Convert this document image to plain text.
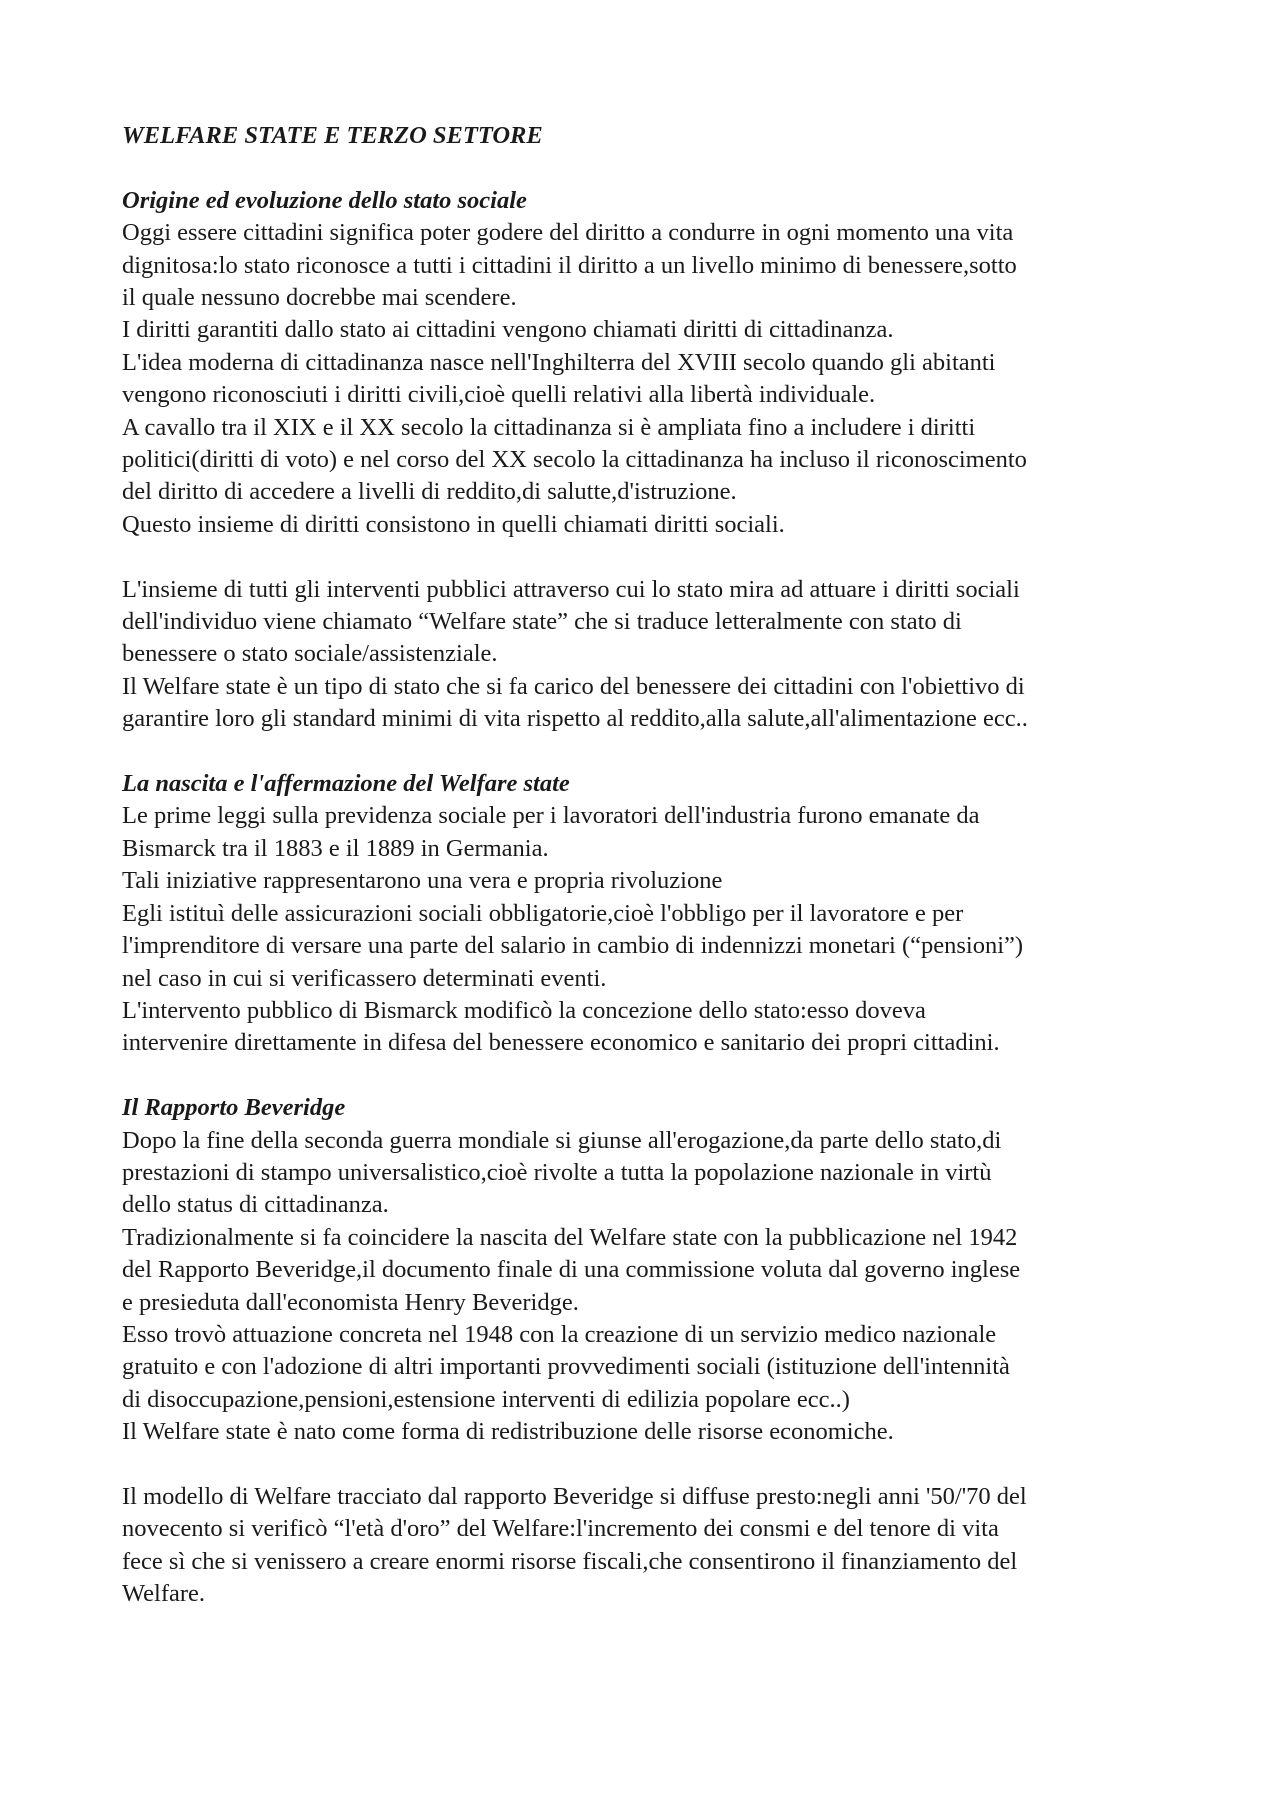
WELFARE STATE E TERZO SETTORE
Origine ed evoluzione dello stato sociale

Oggi essere cittadini significa poter godere del diritto a condurre in ogni momento una vita
dignitosa:lo stato riconosce a tutti i cittadini il diritto a un livello minimo di benessere,sotto
il quale nessuno docrebbe mai scendere.

I diritti garantiti dallo stato ai cittadini vengono chiamati diritti di cittadinanza.

L'idea moderna di cittadinanza nasce nell'Inghilterra del XVIII secolo quando gli abitanti
vengono riconosciuti i diritti civili,cioè quelli relativi alla libertà individuale.

A cavallo tra il XIX e il XX secolo la cittadinanza si è ampliata fino a includere i diritti
politici(diritti di voto) e nel corso del XX secolo la cittadinanza ha incluso il riconoscimento
del diritto di accedere a livelli di reddito,di salutte,d'istruzione.

Questo insieme di diritti consistono in quelli chiamati diritti sociali.

L'insieme di tutti gli interventi pubblici attraverso cui lo stato mira ad attuare i diritti sociali
dell'individuo viene chiamato “Welfare state” che si traduce letteralmente con stato di
benessere o stato sociale/assistenziale.

Il Welfare state è un tipo di stato che si fa carico del benessere dei cittadini con l'obiettivo di
garantire loro gli standard minimi di vita rispetto al reddito,alla salute,all'alimentazione ecc..

La nascita e l'affermazione del Welfare state

Le prime leggi sulla previdenza sociale per i lavoratori dell'industria furono emanate da
Bismarck tra il 1883 e il 1889 in Germania.

Tali iniziative rappresentarono una vera e propria rivoluzione

Egli istituì delle assicurazioni sociali obbligatorie,cioè l'obbligo per il lavoratore e per
l'imprenditore di versare una parte del salario in cambio di indennizzi monetari (“pensioni”)
nel caso in cui si verificassero determinati eventi.

L'intervento pubblico di Bismarck modificò la concezione dello stato:esso doveva
intervenire direttamente in difesa del benessere economico e sanitario dei propri cittadini.

Il Rapporto Beveridge

Dopo la fine della seconda guerra mondiale si giunse all'erogazione,da parte dello stato,di
prestazioni di stampo universalistico,cioè rivolte a tutta la popolazione nazionale in virtù
dello status di cittadinanza.

Tradizionalmente si fa coincidere la nascita del Welfare state con la pubblicazione nel 1942
del Rapporto Beveridge,il documento finale di una commissione voluta dal governo inglese
e presieduta dall'economista Henry Beveridge.

Esso trovò attuazione concreta nel 1948 con la creazione di un servizio medico nazionale
gratuito e con l'adozione di altri importanti provvedimenti sociali (istituzione dell'intennità
di disoccupazione,pensioni,estensione interventi di edilizia popolare ecc..)

Il Welfare state è nato come forma di redistribuzione delle risorse economiche.

Il modello di Welfare tracciato dal rapporto Beveridge si diffuse presto:negli anni '50/'70 del
novecento si verificò “l'età d'oro” del Welfare:l'incremento dei consmi e del tenore di vita
fece sì che si venissero a creare enormi risorse fiscali,che consentirono il finanziamento del
Welfare.
